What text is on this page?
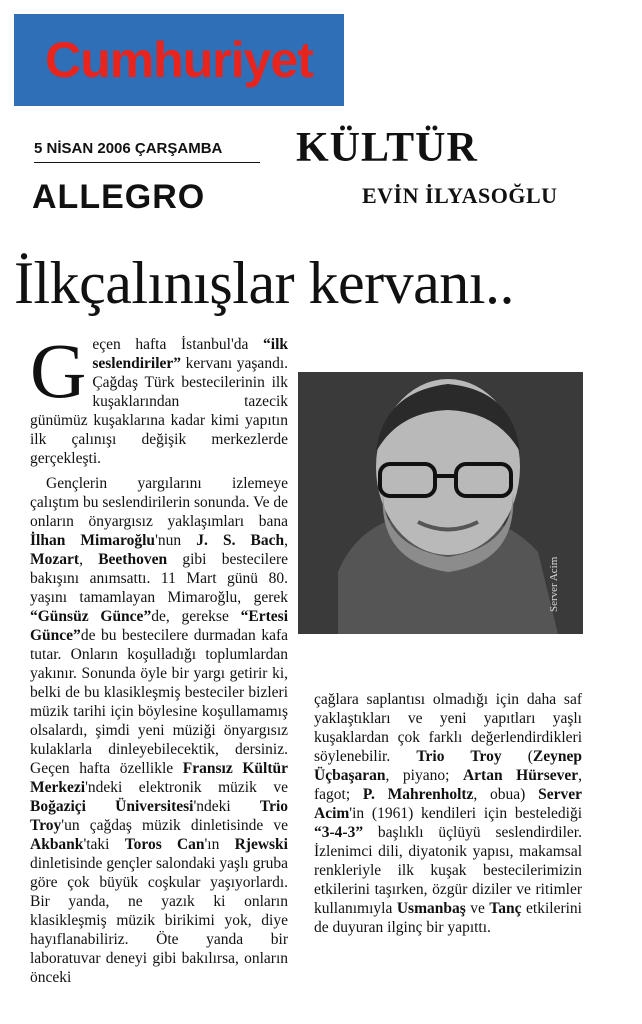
Cumhuriyet
5 NİSAN 2006 ÇARŞAMBA	KÜLTÜR
ALLEGRO	EVİN İLYASOĞLU
İlkçalınışlar kervanı..

G eçen hafta İstanbul'da “ilk seslendiriler” kervanı yaşandı. Çağdaş Türk bestecilerinin ilk kuşaklarından tazecik günümüz kuşaklarına kadar kimi yapıtın ilk çalınışı değişik merkezlerde gerçekleşti.

Gençlerin yargılarını izlemeye çalıştım bu seslendirilerin sonunda. Ve de onların önyargısız yaklaşımları bana İlhan Mimaroğlu'nun J. S. Bach, Mozart, Beethoven gibi bestecilere bakışını anımsattı. 11 Mart günü 80. yaşını tamamlayan Mimaroğlu, gerek “Günsüz Günce”de, gerekse “Ertesi Günce”de bu bestecilere durmadan kafa tutar. Onların koşulladığı toplumlardan yakınır. Sonunda öyle bir yargı getirir ki, belki de bu klasikleşmiş besteciler bizleri müzik tarihi için böylesine koşullamamış olsalardı, şimdi yeni müziği önyargısız kulaklarla dinleyebilecektik, dersiniz. Geçen hafta özellikle Fransız Kültür Merkezi'ndeki elektronik müzik ve Boğaziçi Üniversitesi'ndeki Trio Troy'un çağdaş müzik dinletisinde ve Akbank'taki Toros Can'ın Rjewski dinletisinde gençler salondaki yaşlı gruba göre çok büyük coşkular yaşıyorlardı. Bir yanda, ne yazık ki onların klasikleşmiş müzik birikimi yok, diye hayıflanabiliriz. Öte yanda bir laboratuvar deneyi gibi bakılırsa, onların önceki

Server Acim

çağlara saplantısı olmadığı için daha saf yaklaştıkları ve yeni yapıtları yaşlı kuşaklardan çok farklı değerlendirdikleri söylenebilir. Trio Troy (Zeynep Üçbaşaran, piyano; Artan Hürsever, fagot; P. Mahrenholtz, obua) Server Acim'in (1961) kendileri için bestelediği “3-4-3” başlıklı üçlüyü seslendirdiler. İzlenimci dili, diyatonik yapısı, makamsal renkleriyle ilk kuşak bestecilerimizin etkilerini taşırken, özgür diziler ve ritimler kullanımıyla Usmanbaş ve Tanç etkilerini de duyuran ilginç bir yapıttı.
